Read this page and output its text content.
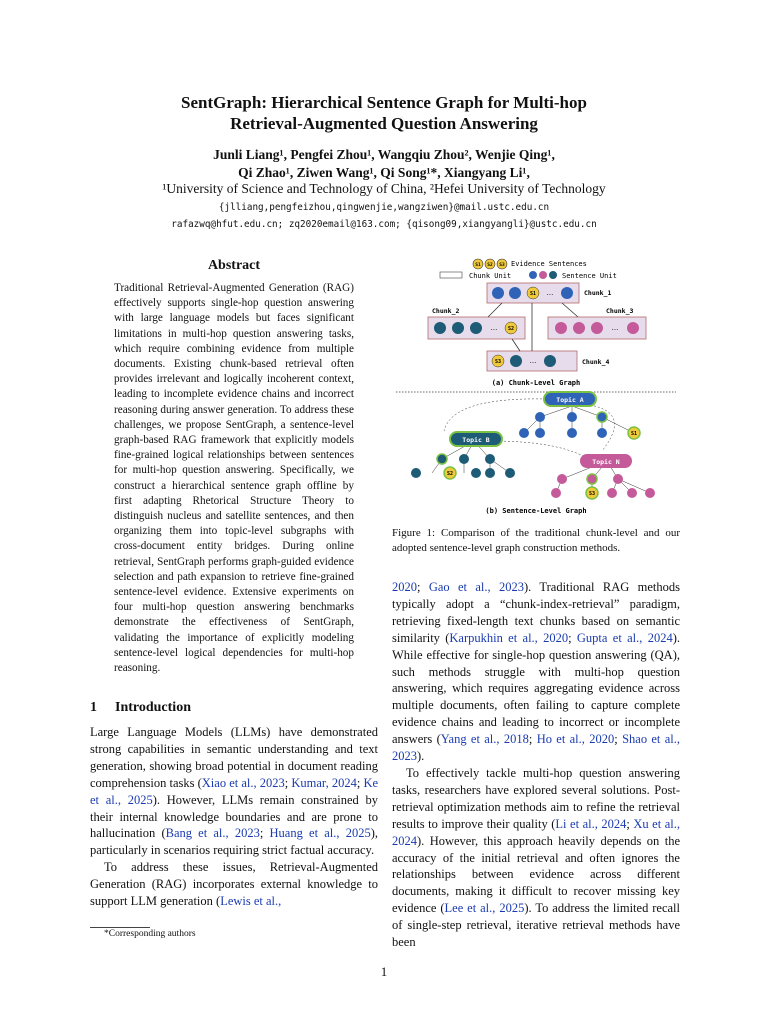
SentGraph: Hierarchical Sentence Graph for Multi-hop
Retrieval-Augmented Question Answering
Junli Liang¹, Pengfei Zhou¹, Wangqiu Zhou², Wenjie Qing¹,
Qi Zhao¹, Ziwen Wang¹, Qi Song¹*, Xiangyang Li¹,
¹University of Science and Technology of China, ²Hefei University of Technology
{jlliang,pengfeizhou,qingwenjie,wangziwen}@mail.ustc.edu.cn
rafazwq@hfut.edu.cn; zq2020email@163.com; {qisong09,xiangyangli}@ustc.edu.cn
Abstract
Traditional Retrieval-Augmented Generation (RAG) effectively supports single-hop question answering with large language models but faces significant limitations in multi-hop question answering tasks, which require combining evidence from multiple documents. Existing chunk-based retrieval often provides irrelevant and logically incoherent context, leading to incomplete evidence chains and incorrect reasoning during answer generation. To address these challenges, we propose SentGraph, a sentence-level graph-based RAG framework that explicitly models fine-grained logical relationships between sentences for multi-hop question answering. Specifically, we construct a hierarchical sentence graph offline by first adapting Rhetorical Structure Theory to distinguish nucleus and satellite sentences, and then organizing them into topic-level subgraphs with cross-document entity bridges. During online retrieval, SentGraph performs graph-guided evidence selection and path expansion to retrieve fine-grained sentence-level evidence. Extensive experiments on four multi-hop question answering benchmarks demonstrate the effectiveness of SentGraph, validating the importance of explicitly modeling sentence-level logical dependencies for multi-hop reasoning.
1 Introduction

Large Language Models (LLMs) have demonstrated strong capabilities in semantic understanding and text generation, showing broad potential in document reading comprehension tasks (Xiao et al., 2023; Kumar, 2024; Ke et al., 2025). However, LLMs remain constrained by their internal knowledge boundaries and are prone to hallucination (Bang et al., 2023; Huang et al., 2025), particularly in scenarios requiring strict factual accuracy.

To address these issues, Retrieval-Augmented Generation (RAG) incorporates external knowledge to support LLM generation (Lewis et al.,

*Corresponding authors
S1 S2 S3 Evidence Sentences
Chunk Unit	Sentence Unit
S1 ...	Chunk_1
Chunk_2
... S2
Chunk_3
...
S3	...	Chunk_4
(a) Chunk-Level Graph
Topic A
S1
Topic B
S2
Topic N
S3
(b) Sentence-Level Graph
Figure 1: Comparison of the traditional chunk-level and our adopted sentence-level graph construction methods.

2020; Gao et al., 2023). Traditional RAG methods typically adopt a “chunk-index-retrieval” paradigm, retrieving fixed-length text chunks based on semantic similarity (Karpukhin et al., 2020; Gupta et al., 2024). While effective for single-hop question answering (QA), such methods struggle with multi-hop question answering, which requires aggregating evidence across multiple documents, often failing to capture complete evidence chains and leading to incorrect or incomplete answers (Yang et al., 2018; Ho et al., 2020; Shao et al., 2023).

To effectively tackle multi-hop question answering tasks, researchers have explored several solutions. Post-retrieval optimization methods aim to refine the retrieval results to improve their quality (Li et al., 2024; Xu et al., 2024). However, this approach heavily depends on the accuracy of the initial retrieval and often ignores the relationships between evidence across different documents, making it difficult to recover missing key evidence (Lee et al., 2025). To address the limited recall of single-step retrieval, iterative retrieval methods have been

1
